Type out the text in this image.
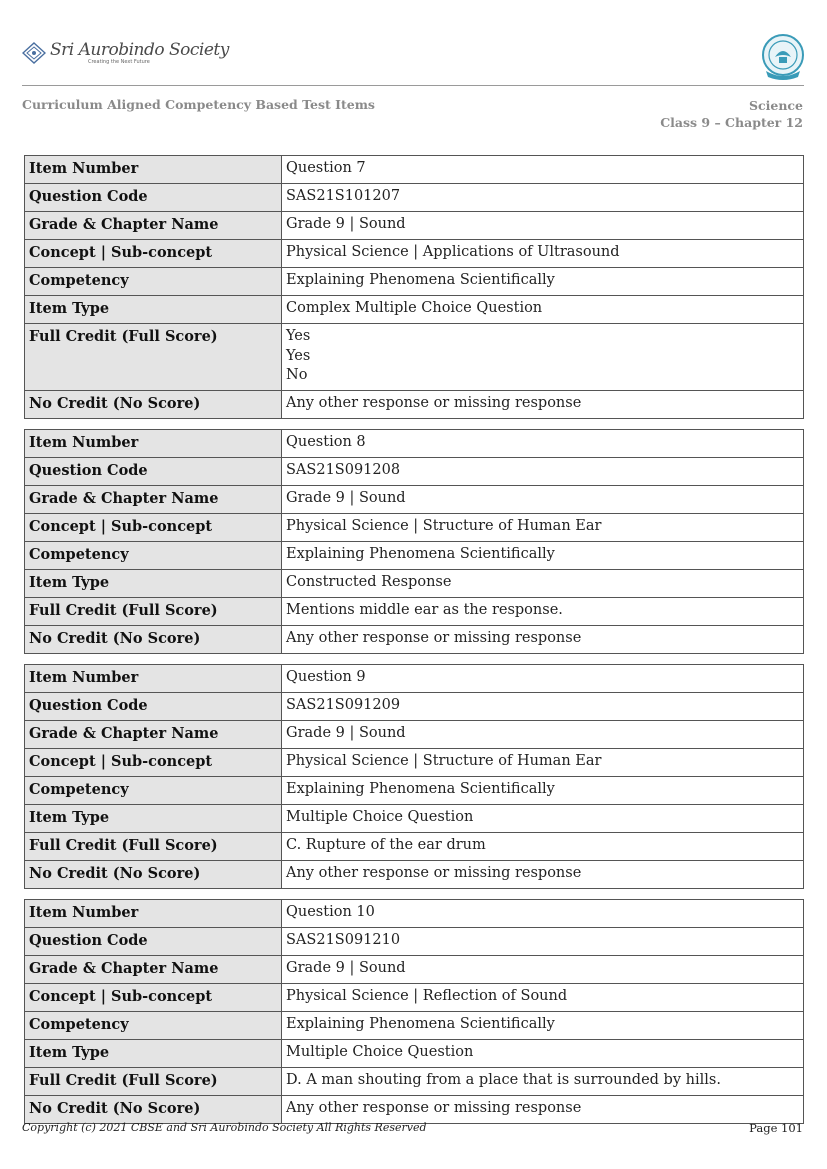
Sri Aurobindo Society
Creating the Next Future
Curriculum Aligned Competency Based Test Items	Science
Class 9 – Chapter 12
Item Number	Question 7
Question Code	SAS21S101207
Grade & Chapter Name	Grade 9 | Sound
Concept | Sub-concept	Physical Science | Applications of Ultrasound
Competency	Explaining Phenomena Scientifically
Item Type	Complex Multiple Choice Question
Full Credit (Full Score)	Yes
Yes
No

No Credit (No Score)	Any other response or missing response
Item Number	Question 8
Question Code	SAS21S091208
Grade & Chapter Name	Grade 9 | Sound
Concept | Sub-concept	Physical Science | Structure of Human Ear
Competency	Explaining Phenomena Scientifically
Item Type	Constructed Response
Full Credit (Full Score)	Mentions middle ear as the response.
No Credit (No Score)	Any other response or missing response
Item Number	Question 9
Question Code	SAS21S091209
Grade & Chapter Name	Grade 9 | Sound
Concept | Sub-concept	Physical Science | Structure of Human Ear
Competency	Explaining Phenomena Scientifically
Item Type	Multiple Choice Question
Full Credit (Full Score)	C. Rupture of the ear drum
No Credit (No Score)	Any other response or missing response
Item Number	Question 10
Question Code	SAS21S091210
Grade & Chapter Name	Grade 9 | Sound
Concept | Sub-concept	Physical Science | Reflection of Sound
Competency	Explaining Phenomena Scientifically
Item Type	Multiple Choice Question
Full Credit (Full Score)	D. A man shouting from a place that is surrounded by hills.
No Credit (No Score)	Any other response or missing response
Copyright (c) 2021 CBSE and Sri Aurobindo Society All Rights Reserved	Page 101
